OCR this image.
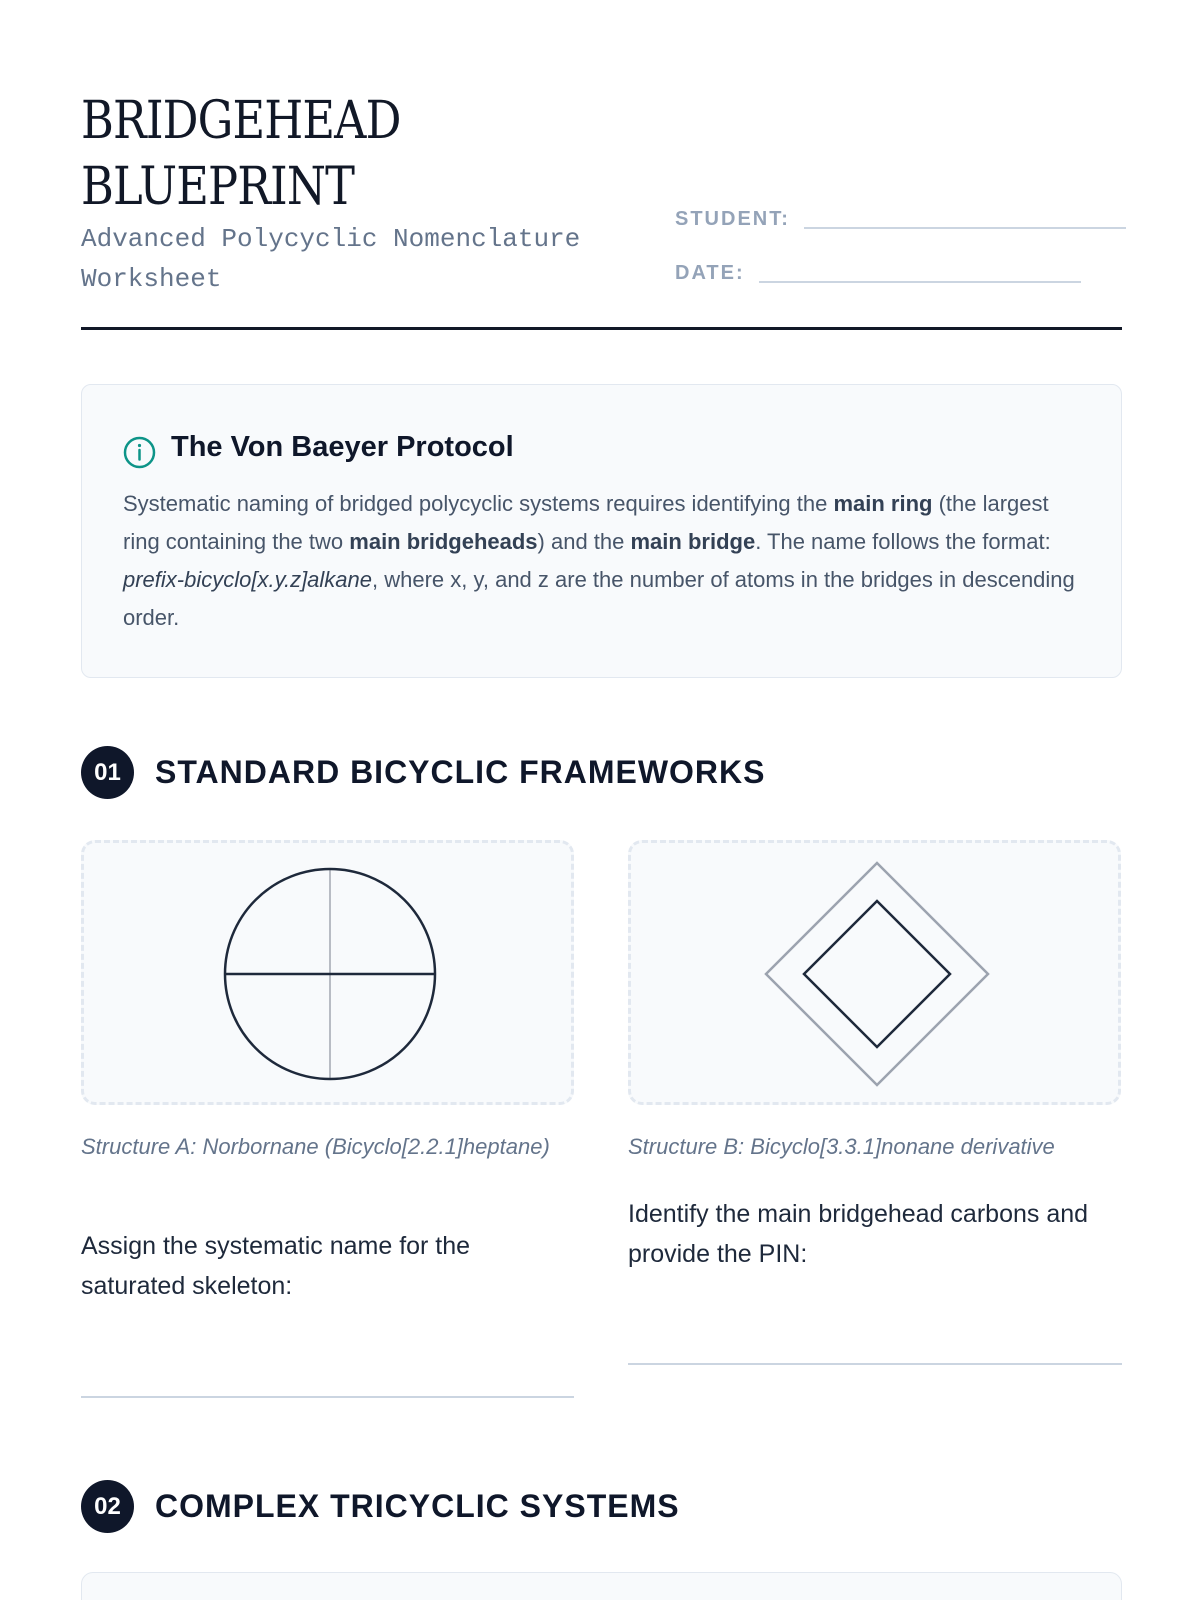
BRIDGEHEAD
BLUEPRINT
Advanced Polycyclic Nomenclature Worksheet
STUDENT:
DATE:
The Von Baeyer Protocol

Systematic naming of bridged polycyclic systems requires identifying the main ring (the largest ring containing the two main bridgeheads) and the main bridge. The name follows the format: prefix-bicyclo[x.y.z]alkane, where x, y, and z are the number of atoms in the bridges in descending order.

01	STANDARD BICYCLIC FRAMEWORKS
Structure A: Norbornane (Bicyclo[2.2.1]heptane)
Assign the systematic name for the saturated skeleton:
Structure B: Bicyclo[3.3.1]nonane derivative
Identify the main bridgehead carbons and provide the PIN:
02	COMPLEX TRICYCLIC SYSTEMS
